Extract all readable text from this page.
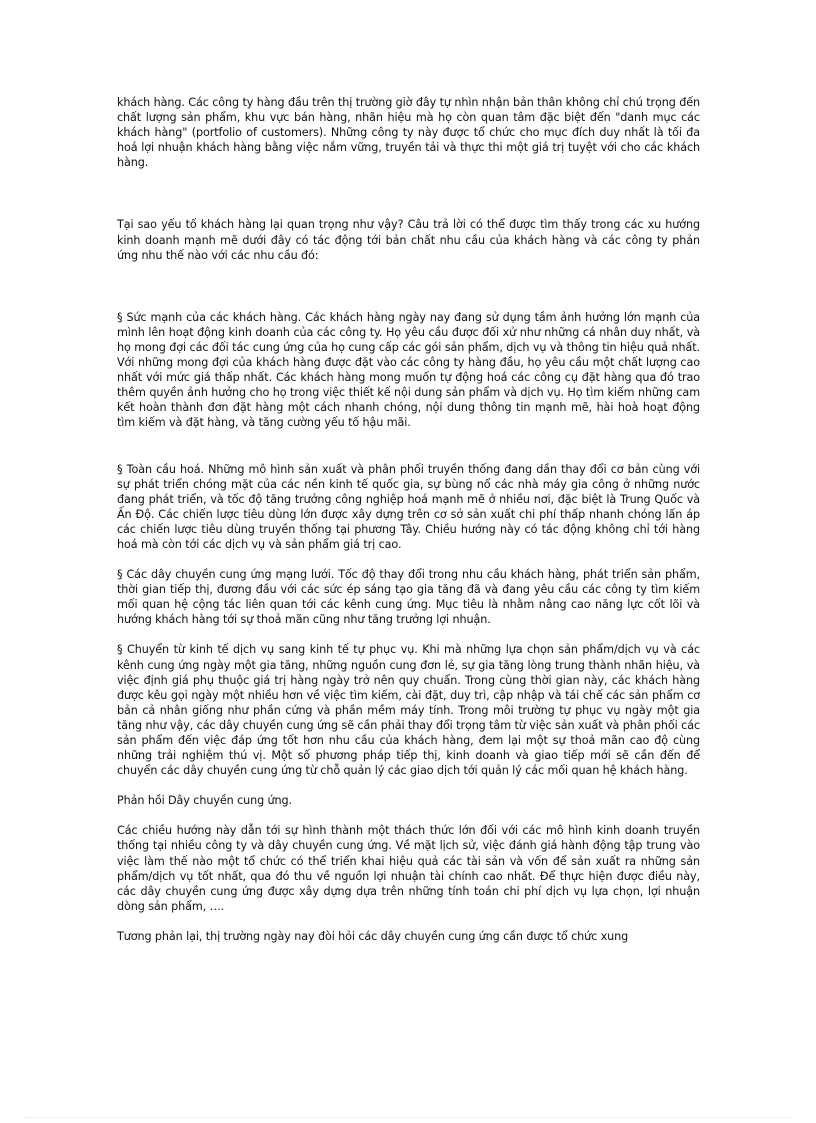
khách hàng. Các công ty hàng đầu trên thị trường giờ đây tự nhìn nhận bản thân không chỉ chú trọng đến chất lượng sản phẩm, khu vực bán hàng, nhãn hiệu mà họ còn quan tâm đặc biệt đến "danh mục các khách hàng" (portfolio of customers). Những công ty này được tổ chức cho mục đích duy nhất là tối đa hoá lợi nhuận khách hàng bằng việc nắm vững, truyền tải và thực thi một giá trị tuyệt với cho các khách hàng.

Tại sao yếu tố khách hàng lại quan trọng như vậy? Câu trả lời có thể được tìm thấy trong các xu hướng kinh doanh mạnh mẽ dưới đây có tác động tới bản chất nhu cầu của khách hàng và các công ty phản ứng nhu thế nào với các nhu cầu đó:

§ Sức mạnh của các khách hàng. Các khách hàng ngày nay đang sử dụng tầm ảnh hưởng lớn mạnh của mình lên hoạt động kinh doanh của các công ty. Họ yêu cầu được đối xử như những cá nhân duy nhất, và họ mong đợi các đối tác cung ứng của họ cung cấp các gói sản phẩm, dịch vụ và thông tin hiệu quả nhất. Với những mong đợi của khách hàng được đặt vào các công ty hàng đầu, họ yêu cầu một chất lượng cao nhất với mức giá thấp nhất. Các khách hàng mong muốn tự động hoá các công cụ đặt hàng qua đó trao thêm quyền ảnh hưởng cho họ trong việc thiết kế nội dung sản phẩm và dịch vụ. Họ tìm kiếm những cam kết hoàn thành đơn đặt hàng một cách nhanh chóng, nội dung thông tin mạnh mẽ, hài hoà hoạt động tìm kiếm và đặt hàng, và tăng cường yếu tố hậu mãi.

§ Toàn cầu hoá. Những mô hình sản xuất và phân phối truyền thống đang dần thay đổi cơ bản cùng với sự phát triển chóng mặt của các nền kinh tế quốc gia, sự bùng nổ các nhà máy gia công ở những nước đang phát triển, và tốc độ tăng trưởng công nghiệp hoá mạnh mẽ ở nhiều nơi, đặc biệt là Trung Quốc và Ấn Độ. Các chiến lược tiêu dùng lớn được xây dựng trên cơ sở sản xuất chi phí thấp nhanh chóng lấn áp các chiến lược tiêu dùng truyền thống tại phương Tây. Chiều hướng này có tác động không chỉ tới hàng hoá mà còn tới các dịch vụ và sản phẩm giá trị cao.

§ Các dây chuyền cung ứng mạng lưới. Tốc độ thay đổi trong nhu cầu khách hàng, phát triển sản phẩm, thời gian tiếp thị, đương đầu với các sức ép sáng tạo gia tăng đã và đang yêu cầu các công ty tìm kiếm mối quan hệ cộng tác liên quan tới các kênh cung ứng. Mục tiêu là nhằm nâng cao năng lực cốt lõi và hướng khách hàng tới sự thoả mãn cũng như tăng trưởng lợi nhuận.

§ Chuyển từ kinh tế dịch vụ sang kinh tế tự phục vụ. Khi mà những lựa chọn sản phẩm/dịch vụ và các kênh cung ứng ngày một gia tăng, những nguồn cung đơn lẻ, sự gia tăng lòng trung thành nhãn hiệu, và việc định giá phụ thuộc giá trị hàng ngày trở nên quy chuẩn. Trong cùng thời gian này, các khách hàng được kêu gọi ngày một nhiều hơn về việc tìm kiếm, cài đặt, duy trì, cập nhập và tái chế các sản phẩm cơ bản cả nhân giống như phần cứng và phần mềm máy tính. Trong môi trường tự phục vụ ngày một gia tăng như vậy, các dây chuyền cung ứng sẽ cần phải thay đổi trọng tâm từ việc sản xuất và phân phối các sản phẩm đến việc đáp ứng tốt hơn nhu cầu của khách hàng, đem lại một sự thoả mãn cao độ cùng những trải nghiệm thú vị. Một số phương pháp tiếp thị, kinh doanh và giao tiếp mới sẽ cần đến để chuyển các dây chuyền cung ứng từ chỗ quản lý các giao dịch tới quản lý các mối quan hệ khách hàng.

Phản hồi Dây chuyền cung ứng.

Các chiều hướng này dẫn tới sự hình thành một thách thức lớn đối với các mô hình kinh doanh truyền thống tại nhiều công ty và dây chuyền cung ứng. Về mặt lịch sử, việc đánh giá hành động tập trung vào việc làm thế nào một tổ chức có thể triển khai hiệu quả các tài sản và vốn để sản xuất ra những sản phẩm/dịch vụ tốt nhất, qua đó thu về nguồn lợi nhuận tài chính cao nhất. Để thực hiện được điều này, các dây chuyền cung ứng được xây dựng dựa trên những tính toán chi phí dịch vụ lựa chọn, lợi nhuận dòng sản phẩm, ….

Tương phản lại, thị trường ngày nay đòi hỏi các dây chuyền cung ứng cần được tổ chức xung
